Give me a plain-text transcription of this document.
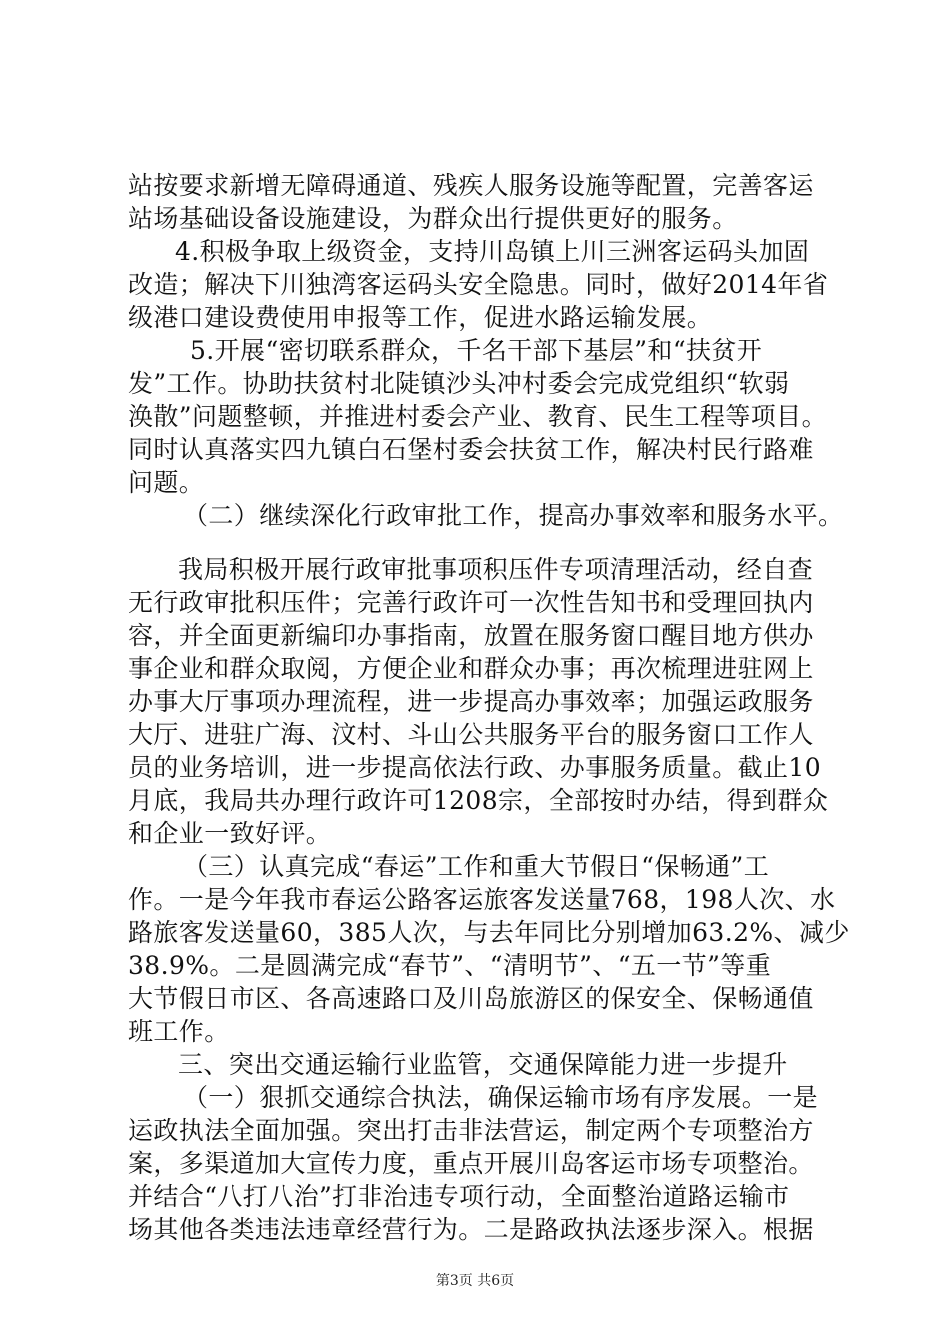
站按要求新增无障碍通道、残疾人服务设施等配置，完善客运
站场基础设备设施建设，为群众出行提供更好的服务。
4.积极争取上级资金，支持川岛镇上川三洲客运码头加固
改造；解决下川独湾客运码头安全隐患。同时，做好2014年省
级港口建设费使用申报等工作，促进水路运输发展。
5.开展“密切联系群众，千名干部下基层”和“扶贫开
发”工作。协助扶贫村北陡镇沙头冲村委会完成党组织“软弱
涣散”问题整顿，并推进村委会产业、教育、民生工程等项目。
同时认真落实四九镇白石堡村委会扶贫工作，解决村民行路难
问题。
（二）继续深化行政审批工作，提高办事效率和服务水平。
我局积极开展行政审批事项积压件专项清理活动，经自查
无行政审批积压件；完善行政许可一次性告知书和受理回执内
容，并全面更新编印办事指南，放置在服务窗口醒目地方供办
事企业和群众取阅，方便企业和群众办事；再次梳理进驻网上
办事大厅事项办理流程，进一步提高办事效率；加强运政服务
大厅、进驻广海、汶村、斗山公共服务平台的服务窗口工作人
员的业务培训，进一步提高依法行政、办事服务质量。截止10
月底，我局共办理行政许可1208宗，全部按时办结，得到群众
和企业一致好评。
（三）认真完成“春运”工作和重大节假日“保畅通”工
作。一是今年我市春运公路客运旅客发送量768，198人次、水
路旅客发送量60，385人次，与去年同比分别增加63.2%、减少
38.9%。二是圆满完成“春节”、“清明节”、“五一节”等重
大节假日市区、各高速路口及川岛旅游区的保安全、保畅通值
班工作。
三、突出交通运输行业监管，交通保障能力进一步提升
（一）狠抓交通综合执法，确保运输市场有序发展。一是
运政执法全面加强。突出打击非法营运，制定两个专项整治方
案，多渠道加大宣传力度，重点开展川岛客运市场专项整治。
并结合“八打八治”打非治违专项行动，全面整治道路运输市
场其他各类违法违章经营行为。二是路政执法逐步深入。根据
第3页 共6页
